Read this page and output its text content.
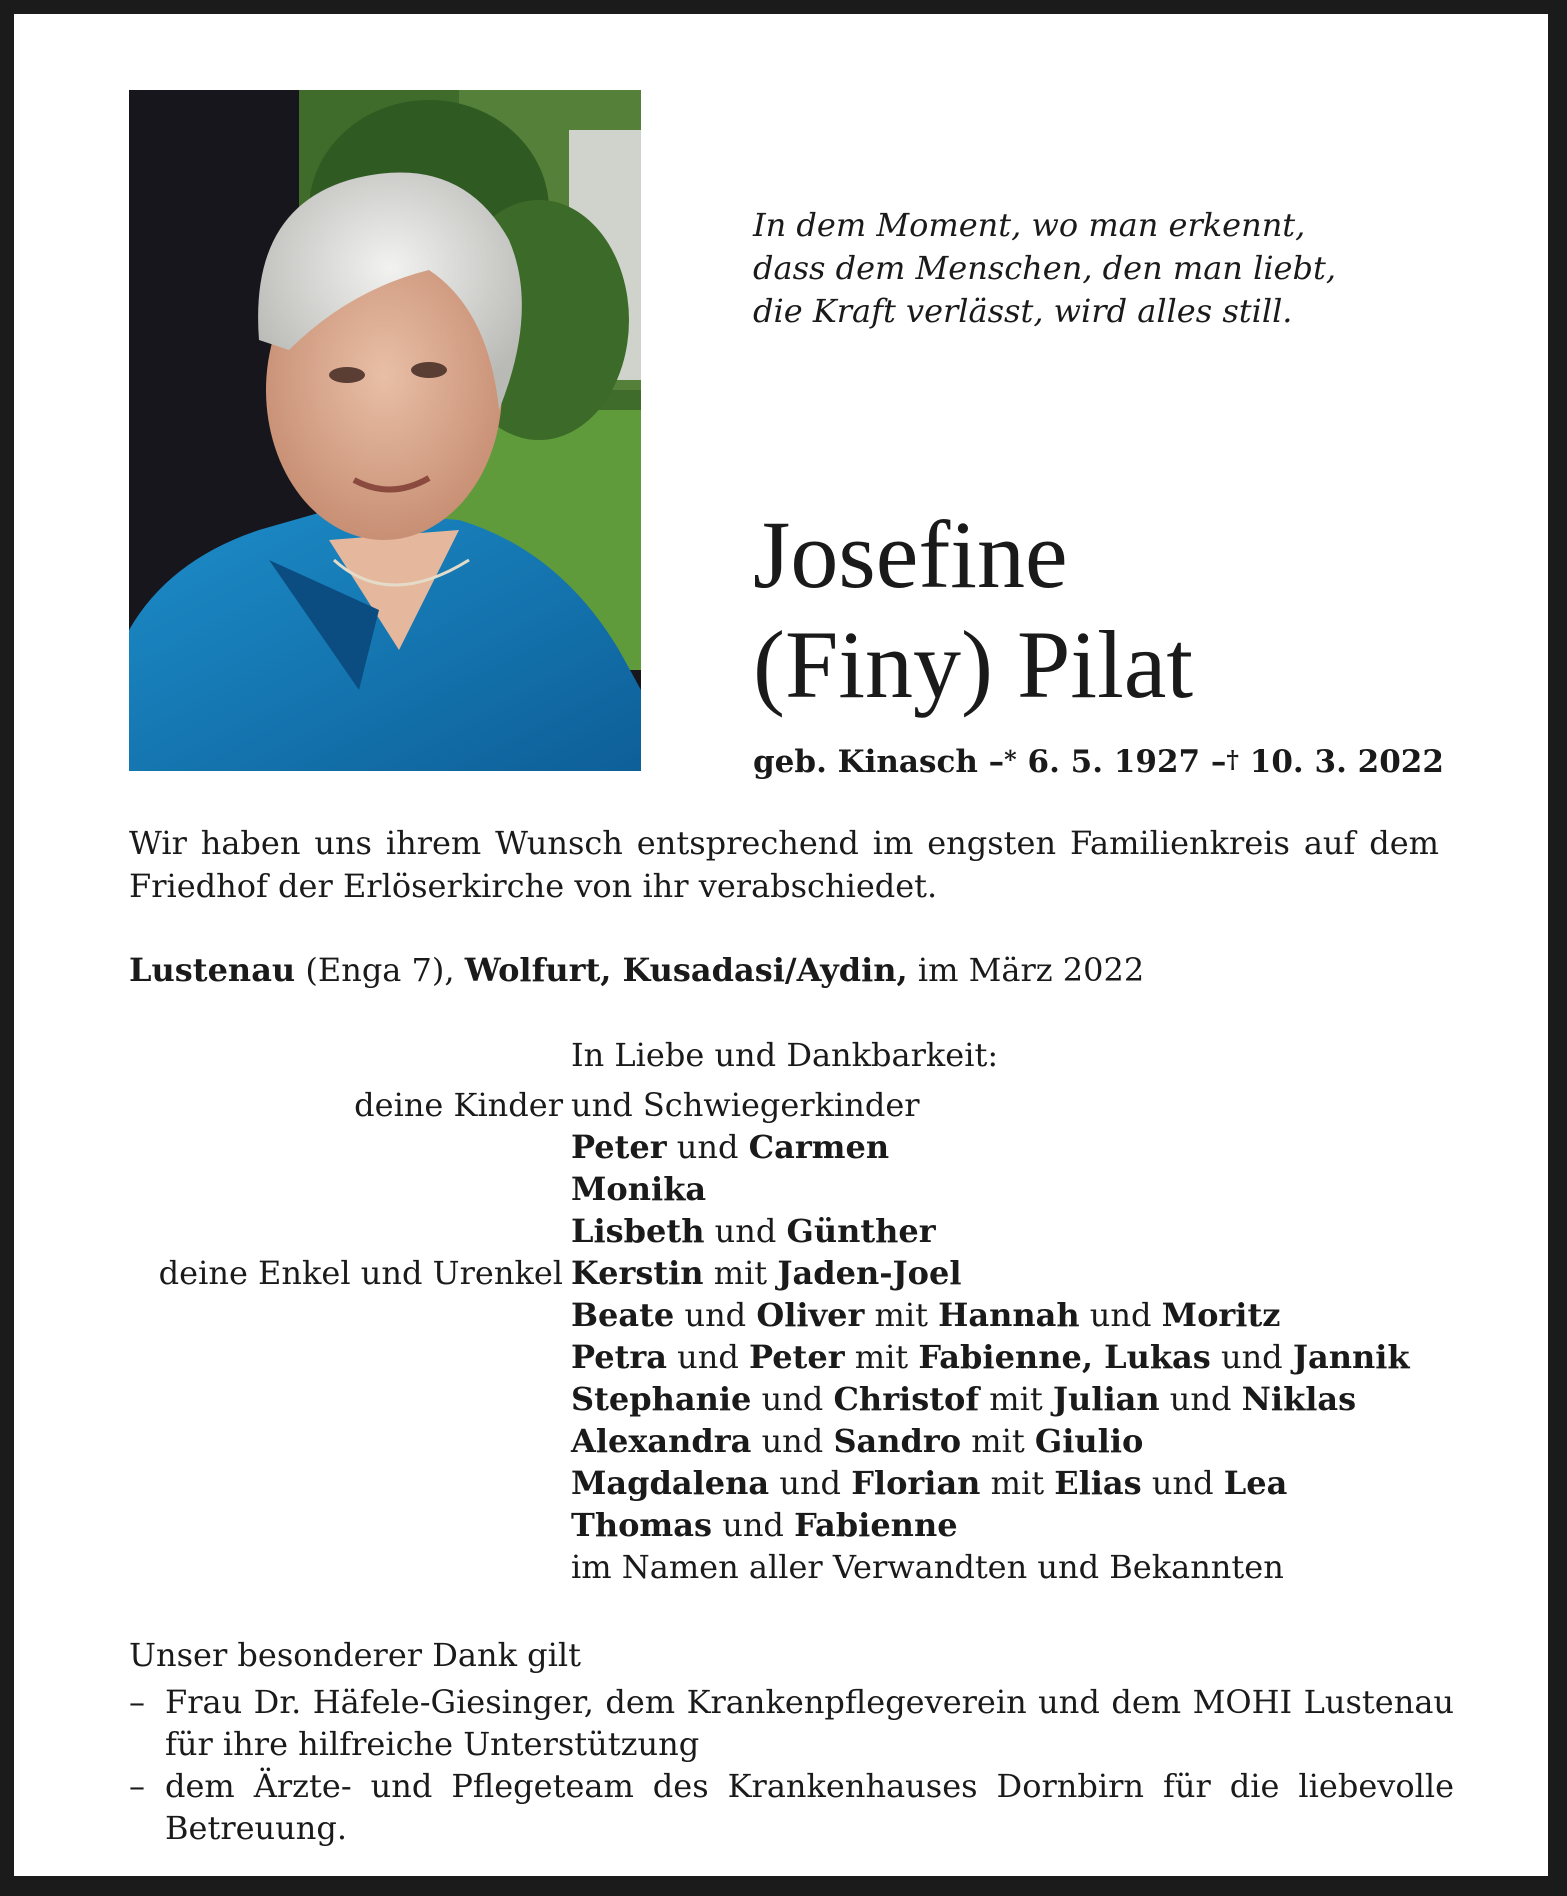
In dem Moment, wo man erkennt,
dass dem Menschen, den man liebt,
die Kraft verlässt, wird alles still.
Josefine
(Finy) Pilat
geb. Kinasch –* 6. 5. 1927 –† 10. 3. 2022
Wir haben uns ihrem Wunsch entsprechend im engsten Familienkreis auf dem Friedhof der Erlöserkirche von ihr verabschiedet.
Lustenau (Enga 7), Wolfurt, Kusadasi/Aydin, im März 2022
In Liebe und Dankbarkeit:
deine Kinder und Schwiegerkinder
Peter und Carmen
Monika
Lisbeth und Günther
deine Enkel und Urenkel Kerstin mit Jaden-Joel
Beate und Oliver mit Hannah und Moritz
Petra und Peter mit Fabienne, Lukas und Jannik
Stephanie und Christof mit Julian und Niklas
Alexandra und Sandro mit Giulio
Magdalena und Florian mit Elias und Lea
Thomas und Fabienne
im Namen aller Verwandten und Bekannten
Unser besonderer Dank gilt
– Frau Dr. Häfele-Giesinger, dem Krankenpflegeverein und dem MOHI Lustenau für ihre hilfreiche Unterstützung
– dem Ärzte- und Pflegeteam des Krankenhauses Dornbirn für die liebevolle Betreuung.
